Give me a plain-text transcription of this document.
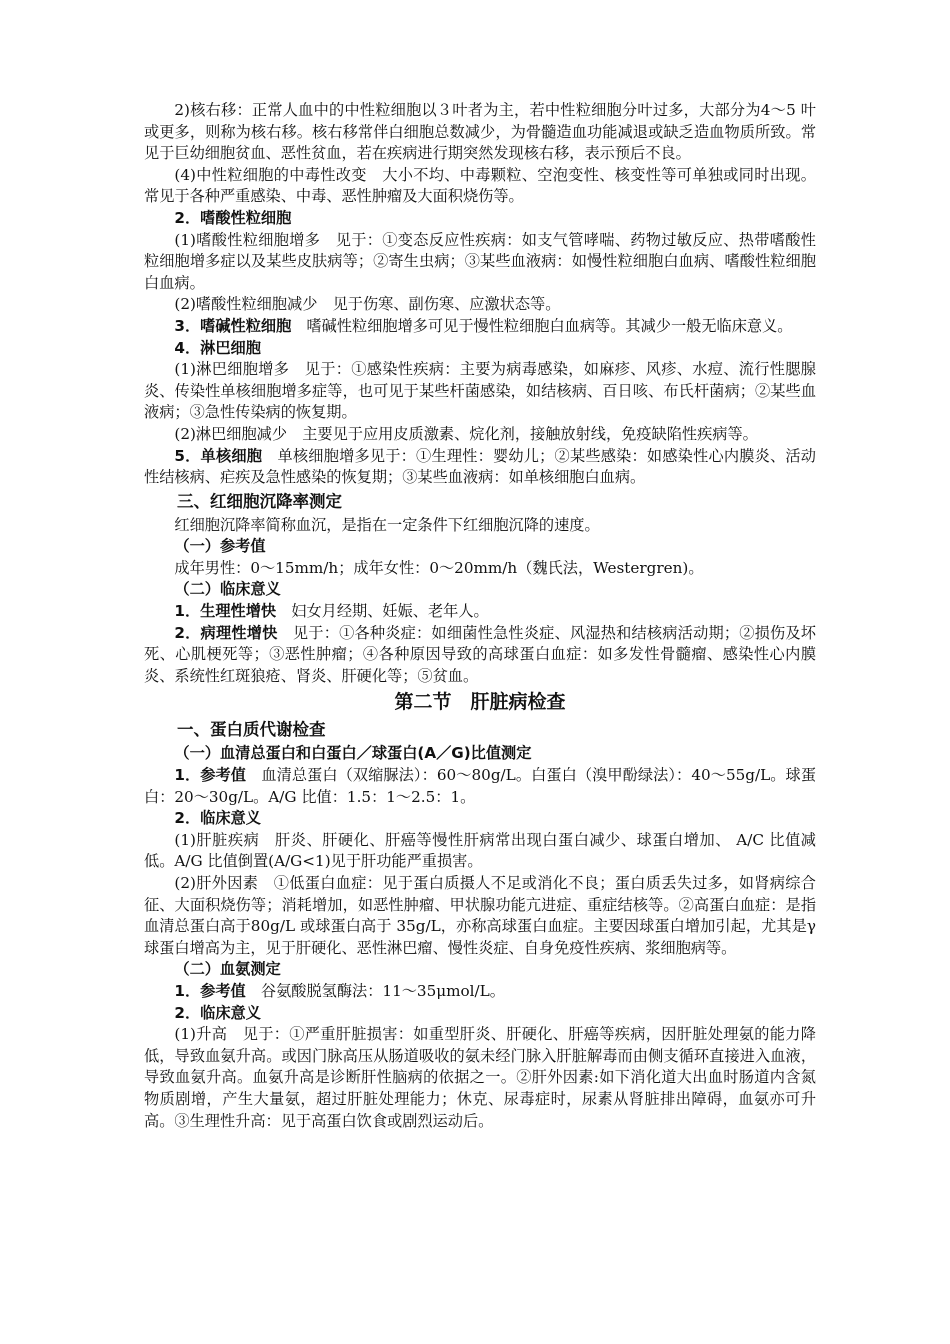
2)核右移：正常人血中的中性粒细胞以３叶者为主，若中性粒细胞分叶过多，大部分为4～5 叶或更多，则称为核右移。核右移常伴白细胞总数减少，为骨髓造血功能减退或缺乏造血物质所致。常见于巨幼细胞贫血、恶性贫血，若在疾病进行期突然发现核右移，表示预后不良。

(4)中性粒细胞的中毒性改变　大小不均、中毒颗粒、空泡变性、核变性等可单独或同时出现。常见于各种严重感染、中毒、恶性肿瘤及大面积烧伤等。

2．嗜酸性粒细胞

(1)嗜酸性粒细胞增多　见于：①变态反应性疾病：如支气管哮喘、药物过敏反应、热带嗜酸性粒细胞增多症以及某些皮肤病等；②寄生虫病；③某些血液病：如慢性粒细胞白血病、嗜酸性粒细胞白血病。

(2)嗜酸性粒细胞减少　见于伤寒、副伤寒、应激状态等。

3．嗜碱性粒细胞　嗜碱性粒细胞增多可见于慢性粒细胞白血病等。其减少一般无临床意义。

4．淋巴细胞

(1)淋巴细胞增多　见于：①感染性疾病：主要为病毒感染，如麻疹、风疹、水痘、流行性腮腺炎、传染性单核细胞增多症等，也可见于某些杆菌感染，如结核病、百日咳、布氏杆菌病；②某些血液病；③急性传染病的恢复期。

(2)淋巴细胞减少　主要见于应用皮质激素、烷化剂，接触放射线，免疫缺陷性疾病等。

5．单核细胞　单核细胞增多见于：①生理性：婴幼儿；②某些感染：如感染性心内膜炎、活动性结核病、疟疾及急性感染的恢复期；③某些血液病：如单核细胞白血病。

三、红细胞沉降率测定

红细胞沉降率简称血沉，是指在一定条件下红细胞沉降的速度。

（一）参考值

成年男性：0～15mm/h；成年女性：0～20mm/h（魏氏法，Westergren)。

（二）临床意义

1．生理性增快　妇女月经期、妊娠、老年人。

2．病理性增快　见于：①各种炎症：如细菌性急性炎症、风湿热和结核病活动期；②损伤及坏死、心肌梗死等；③恶性肿瘤；④各种原因导致的高球蛋白血症：如多发性骨髓瘤、感染性心内膜炎、系统性红斑狼疮、肾炎、肝硬化等；⑤贫血。

第二节　肝脏病检查

一、蛋白质代谢检查

（一）血清总蛋白和白蛋白／球蛋白(A／G)比值测定

1．参考值　血清总蛋白（双缩脲法）：60～80g/L。白蛋白（溴甲酚绿法）：40～55g/L。球蛋白：20～30g/L。A/G 比值：1.5：1～2.5：1。

2．临床意义

(1)肝脏疾病　肝炎、肝硬化、肝癌等慢性肝病常出现白蛋白减少、球蛋白增加、 A/C 比值减低。A/G 比值倒置(A/G<1)见于肝功能严重损害。

(2)肝外因素　①低蛋白血症：见于蛋白质摄人不足或消化不良；蛋白质丢失过多，如肾病综合征、大面积烧伤等；消耗增加，如恶性肿瘤、甲状腺功能亢进症、重症结核等。②高蛋白血症：是指血清总蛋白高于80g/L 或球蛋白高于 35g/L，亦称高球蛋白血症。主要因球蛋白增加引起，尤其是γ球蛋白增高为主，见于肝硬化、恶性淋巴瘤、慢性炎症、自身免疫性疾病、浆细胞病等。

（二）血氨测定

1．参考值　谷氨酸脱氢酶法：11～35μmol/L。

2．临床意义

(1)升高　见于：①严重肝脏损害：如重型肝炎、肝硬化、肝癌等疾病，因肝脏处理氨的能力降低，导致血氨升高。或因门脉高压从肠道吸收的氨未经门脉入肝脏解毒而由侧支循环直接进入血液，导致血氨升高。血氨升高是诊断肝性脑病的依据之一。②肝外因素:如下消化道大出血时肠道内含氮物质剧增，产生大量氨，超过肝脏处理能力；休克、尿毒症时，尿素从肾脏排出障碍，血氨亦可升高。③生理性升高：见于高蛋白饮食或剧烈运动后。
